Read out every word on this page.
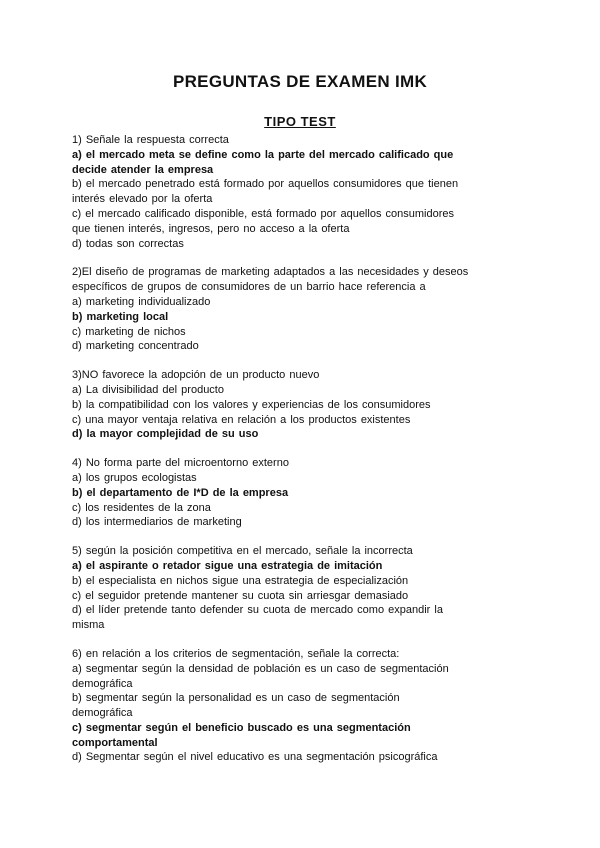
PREGUNTAS DE EXAMEN IMK
TIPO TEST
1) Señale la respuesta correcta
a) el mercado meta se define como la parte del mercado calificado que
decide atender la empresa
b) el mercado penetrado está formado por aquellos consumidores que tienen
interés elevado por la oferta
c) el mercado calificado disponible, está formado por aquellos consumidores
que tienen interés, ingresos, pero no acceso a la oferta
d) todas son correctas
2)El diseño de programas de marketing adaptados a las necesidades y deseos
específicos de grupos de consumidores de un barrio hace referencia a
a) marketing individualizado
b) marketing local
c) marketing de nichos
d) marketing concentrado
3)NO favorece la adopción de un producto nuevo
a) La divisibilidad del producto
b) la compatibilidad con los valores y experiencias de los consumidores
c) una mayor ventaja relativa en relación a los productos existentes
d) la mayor complejidad de su uso
4) No forma parte del microentorno externo
a) los grupos ecologistas
b) el departamento de I*D de la empresa
c) los residentes de la zona
d) los intermediarios de marketing
5) según la posición competitiva en el mercado, señale la incorrecta
a) el aspirante o retador sigue una estrategia de imitación
b) el especialista en nichos sigue una estrategia de especialización
c) el seguidor pretende mantener su cuota sin arriesgar demasiado
d) el líder pretende tanto defender su cuota de mercado como expandir la
misma
6) en relación a los criterios de segmentación, señale la correcta:
a) segmentar según la densidad de población es un caso de segmentación
demográfica
b) segmentar según la personalidad es un caso de segmentación
demográfica
c) segmentar según el beneficio buscado es una segmentación
comportamental
d) Segmentar según el nivel educativo es una segmentación psicográfica
